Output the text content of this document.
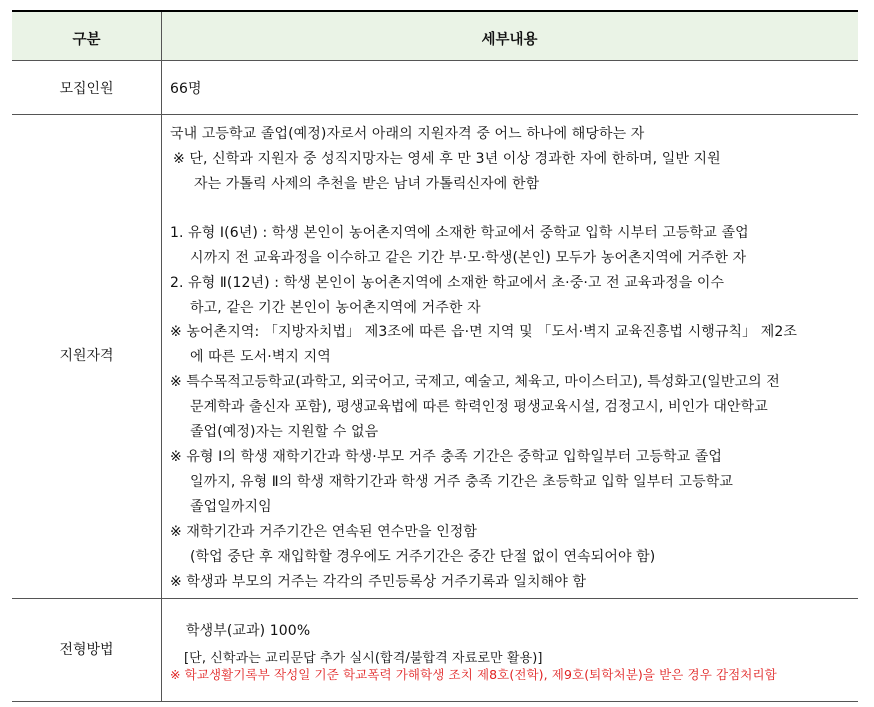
구분	세부내용
모집인원	66명
지원자격
국내 고등학교 졸업(예정)자로서 아래의 지원자격 중 어느 하나에 해당하는 자
※ 단, 신학과 지원자 중 성직지망자는 영세 후 만 3년 이상 경과한 자에 한하며, 일반 지원
자는 가톨릭 사제의 추천을 받은 남녀 가톨릭신자에 한함
1. 유형 Ⅰ(6년) : 학생 본인이 농어촌지역에 소재한 학교에서 중학교 입학 시부터 고등학교 졸업
시까지 전 교육과정을 이수하고 같은 기간 부·모·학생(본인) 모두가 농어촌지역에 거주한 자
2. 유형 Ⅱ(12년) : 학생 본인이 농어촌지역에 소재한 학교에서 초·중·고 전 교육과정을 이수
하고, 같은 기간 본인이 농어촌지역에 거주한 자
※ 농어촌지역: 「지방자치법」 제3조에 따른 읍·면 지역 및 「도서·벽지 교육진흥법 시행규칙」 제2조
에 따른 도서·벽지 지역
※ 특수목적고등학교(과학고, 외국어고, 국제고, 예술고, 체육고, 마이스터고), 특성화고(일반고의 전
문계학과 출신자 포함), 평생교육법에 따른 학력인정 평생교육시설, 검정고시, 비인가 대안학교
졸업(예정)자는 지원할 수 없음
※ 유형 Ⅰ의 학생 재학기간과 학생·부모 거주 충족 기간은 중학교 입학일부터 고등학교 졸업
일까지, 유형 Ⅱ의 학생 재학기간과 학생 거주 충족 기간은 초등학교 입학 일부터 고등학교
졸업일까지임
※ 재학기간과 거주기간은 연속된 연수만을 인정함
(학업 중단 후 재입학할 경우에도 거주기간은 중간 단절 없이 연속되어야 함)
※ 학생과 부모의 거주는 각각의 주민등록상 거주기록과 일치해야 함
전형방법
학생부(교과) 100%
[단, 신학과는 교리문답 추가 실시(합격/불합격 자료로만 활용)]
※ 학교생활기록부 작성일 기준 학교폭력 가해학생 조치 제8호(전학), 제9호(퇴학처분)을 받은 경우 감점처리함
